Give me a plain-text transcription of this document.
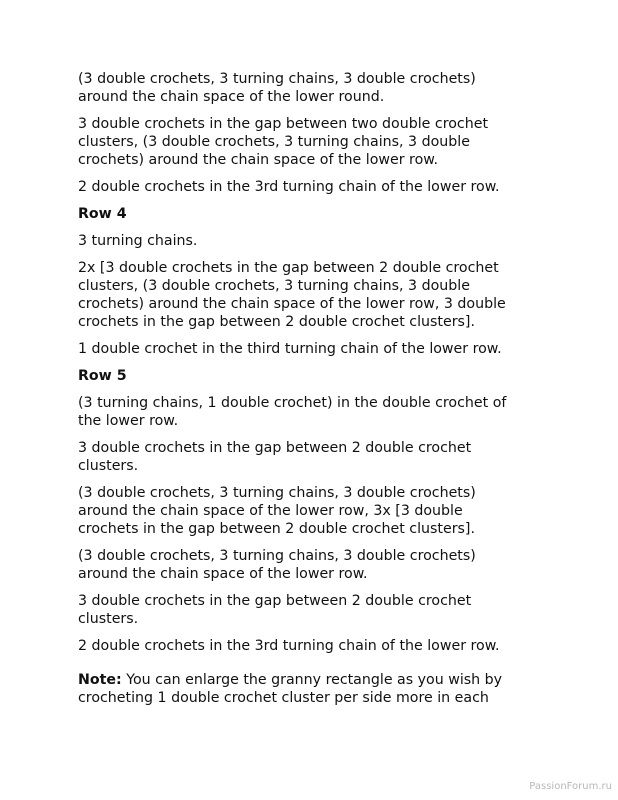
(3 double crochets, 3 turning chains, 3 double crochets)
around the chain space of the lower round.

3 double crochets in the gap between two double crochet
clusters, (3 double crochets, 3 turning chains, 3 double
crochets) around the chain space of the lower row.

2 double crochets in the 3rd turning chain of the lower row.

Row 4

3 turning chains.

2x [3 double crochets in the gap between 2 double crochet
clusters, (3 double crochets, 3 turning chains, 3 double
crochets) around the chain space of the lower row, 3 double
crochets in the gap between 2 double crochet clusters].

1 double crochet in the third turning chain of the lower row.

Row 5

(3 turning chains, 1 double crochet) in the double crochet of
the lower row.

3 double crochets in the gap between 2 double crochet
clusters.

(3 double crochets, 3 turning chains, 3 double crochets)
around the chain space of the lower row, 3x [3 double
crochets in the gap between 2 double crochet clusters].

(3 double crochets, 3 turning chains, 3 double crochets)
around the chain space of the lower row.

3 double crochets in the gap between 2 double crochet
clusters.

2 double crochets in the 3rd turning chain of the lower row.

Note: You can enlarge the granny rectangle as you wish by
crocheting 1 double crochet cluster per side more in each

PassionForum.ru
